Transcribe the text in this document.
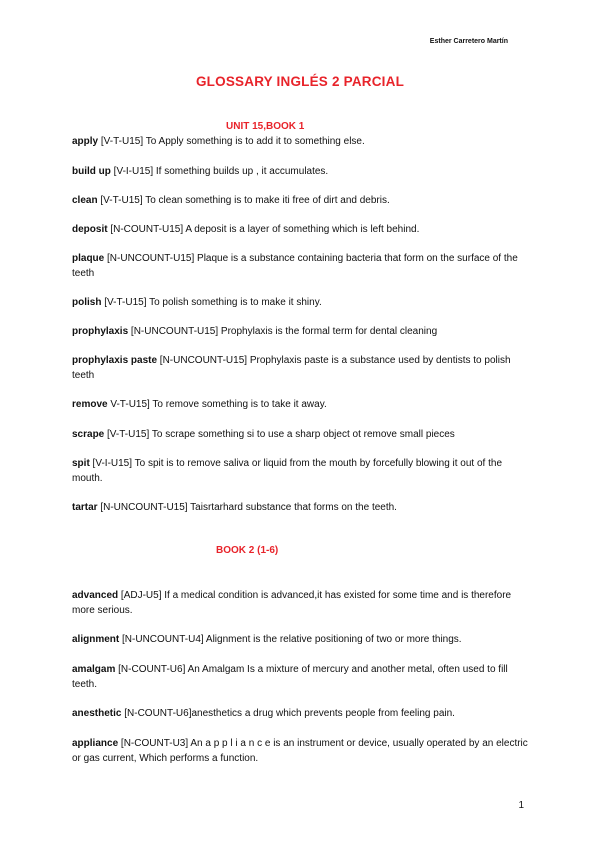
Esther Carretero Martín
GLOSSARY INGLÉS 2 PARCIAL
UNIT 15,BOOK 1
apply [V-T-U15] To Apply something is to add it to something else.
build up [V-I-U15] If something builds up , it accumulates.
clean [V-T-U15] To clean something is to make iti free of dirt and debris.
deposit [N-COUNT-U15] A deposit is a layer of something which is left behind.
plaque [N-UNCOUNT-U15] Plaque is a substance containing bacteria that form on the surface of the teeth
polish [V-T-U15] To polish something is to make it shiny.
prophylaxis [N-UNCOUNT-U15] Prophylaxis is the formal term for dental cleaning
prophylaxis paste [N-UNCOUNT-U15] Prophylaxis paste is a substance used by dentists to polish teeth
remove V-T-U15] To remove something is to take it away.
scrape [V-T-U15] To scrape something si to use a sharp object ot remove small pieces
spit [V-I-U15] To spit is to remove saliva or liquid from the mouth by forcefully blowing it out of the mouth.
tartar [N-UNCOUNT-U15] Taisrtarhard substance that forms on the teeth.
BOOK 2 (1-6)
advanced [ADJ-U5] If a medical condition is advanced,it has existed for some time and is therefore more serious.
alignment [N-UNCOUNT-U4] Alignment is the relative positioning of two or more things.
amalgam [N-COUNT-U6] An Amalgam Is a mixture of mercury and another metal, often used to fill teeth.
anesthetic [N-COUNT-U6]anesthetics a drug which prevents people from feeling pain.
appliance [N-COUNT-U3] An a p p l i a n c e is an instrument or device, usually operated by an electric or gas current, Which performs a function.
1
